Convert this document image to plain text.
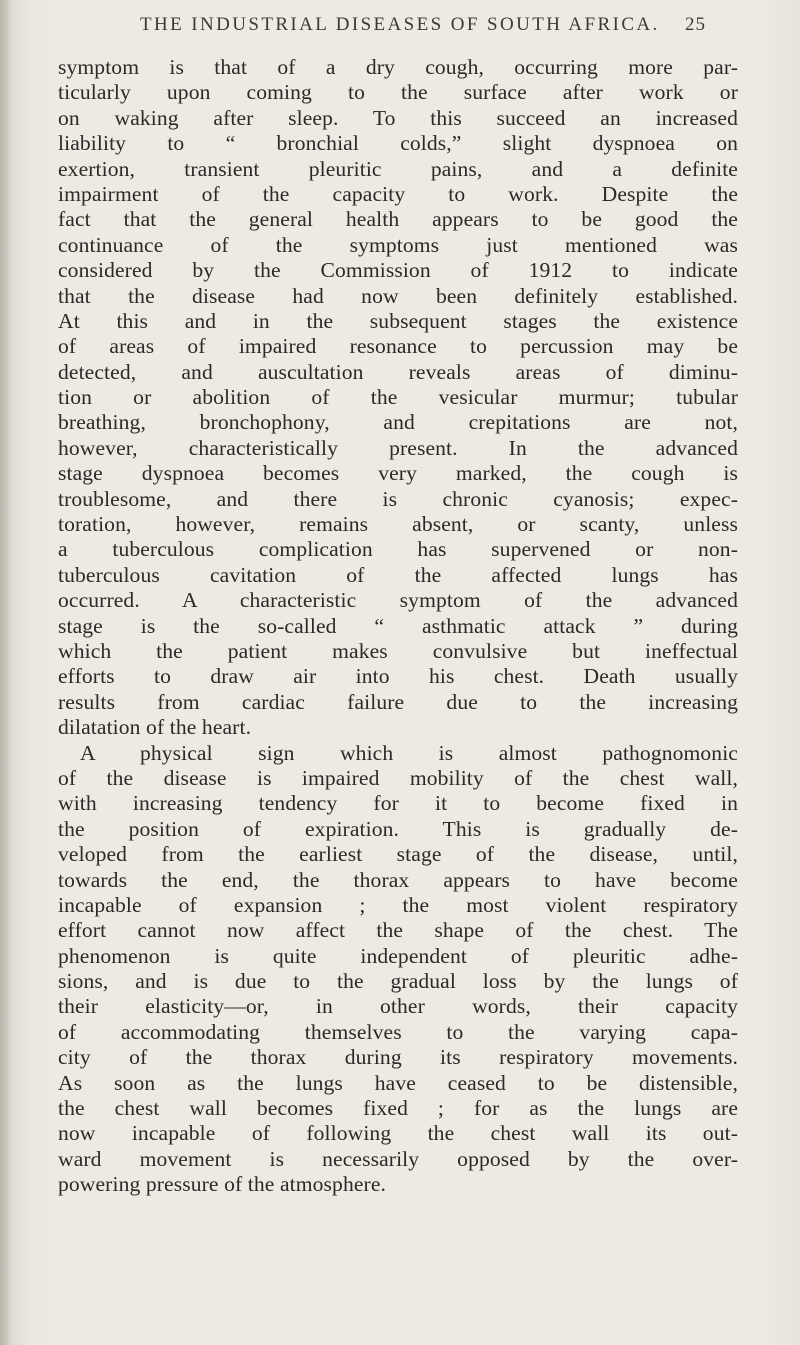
THE INDUSTRIAL DISEASES OF SOUTH AFRICA. 25
symptom is that of a dry cough, occurring more par-
ticularly upon coming to the surface after work or
on waking after sleep. To this succeed an increased
liability to “ bronchial colds,” slight dyspnoea on
exertion, transient pleuritic pains, and a definite
impairment of the capacity to work. Despite the
fact that the general health appears to be good the
continuance of the symptoms just mentioned was
considered by the Commission of 1912 to indicate
that the disease had now been definitely established.
At this and in the subsequent stages the existence
of areas of impaired resonance to percussion may be
detected, and auscultation reveals areas of diminu-
tion or abolition of the vesicular murmur; tubular
breathing, bronchophony, and crepitations are not,
however, characteristically present. In the advanced
stage dyspnoea becomes very marked, the cough is
troublesome, and there is chronic cyanosis; expec-
toration, however, remains absent, or scanty, unless
a tuberculous complication has supervened or non-
tuberculous cavitation of the affected lungs has
occurred. A characteristic symptom of the advanced
stage is the so-called “ asthmatic attack ” during
which the patient makes convulsive but ineffectual
efforts to draw air into his chest. Death usually
results from cardiac failure due to the increasing
dilatation of the heart.
A physical sign which is almost pathognomonic
of the disease is impaired mobility of the chest wall,
with increasing tendency for it to become fixed in
the position of expiration. This is gradually de-
veloped from the earliest stage of the disease, until,
towards the end, the thorax appears to have become
incapable of expansion ; the most violent respiratory
effort cannot now affect the shape of the chest. The
phenomenon is quite independent of pleuritic adhe-
sions, and is due to the gradual loss by the lungs of
their elasticity—or, in other words, their capacity
of accommodating themselves to the varying capa-
city of the thorax during its respiratory movements.
As soon as the lungs have ceased to be distensible,
the chest wall becomes fixed ; for as the lungs are
now incapable of following the chest wall its out-
ward movement is necessarily opposed by the over-
powering pressure of the atmosphere.
